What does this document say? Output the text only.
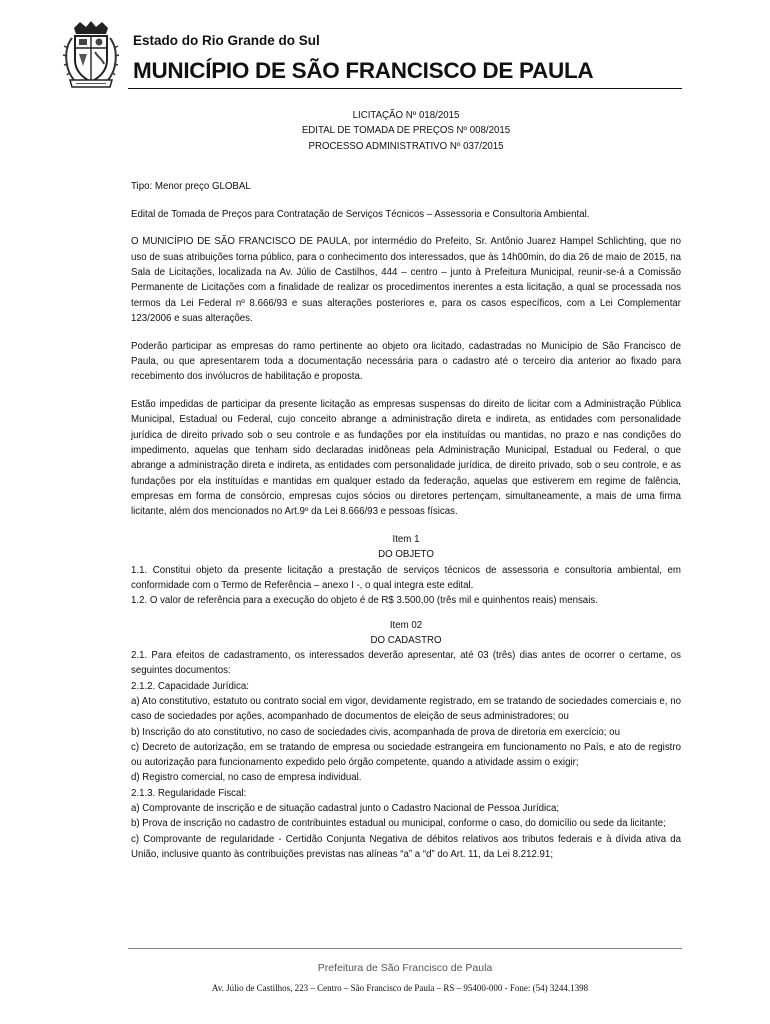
Estado do Rio Grande do Sul
MUNICÍPIO DE SÃO FRANCISCO DE PAULA

LICITAÇÃO Nº 018/2015

EDITAL DE TOMADA DE PREÇOS Nº 008/2015

PROCESSO ADMINISTRATIVO Nº 037/2015

Tipo: Menor preço GLOBAL

Edital de Tomada de Preços para Contratação de Serviços Técnicos – Assessoria e Consultoria Ambiental.

O MUNICÍPIO DE SÃO FRANCISCO DE PAULA, por intermédio do Prefeito, Sr. Antônio Juarez Hampel Schlichting, que no uso de suas atribuições torna público, para o conhecimento dos interessados, que às 14h00min, do dia 26 de maio de 2015, na Sala de Licitações, localizada na Av. Júlio de Castilhos, 444 – centro – junto à Prefeitura Municipal, reunir-se-á a Comissão Permanente de Licitações com a finalidade de realizar os procedimentos inerentes a esta licitação, a qual se processada nos termos da Lei Federal nº 8.666/93 e suas alterações posteriores e, para os casos específicos, com a Lei Complementar 123/2006 e suas alterações.

Poderão participar as empresas do ramo pertinente ao objeto ora licitado, cadastradas no Município de São Francisco de Paula, ou que apresentarem toda a documentação necessária para o cadastro até o terceiro dia anterior ao fixado para recebimento dos invólucros de habilitação e proposta.

Estão impedidas de participar da presente licitação as empresas suspensas do direito de licitar com a Administração Pública Municipal, Estadual ou Federal, cujo conceito abrange a administração direta e indireta, as entidades com personalidade jurídica de direito privado sob o seu controle e as fundações por ela instituídas ou mantidas, no prazo e nas condições do impedimento, aquelas que tenham sido declaradas inidôneas pela Administração Municipal, Estadual ou Federal, o que abrange a administração direta e indireta, as entidades com personalidade jurídica, de direito privado, sob o seu controle, e as fundações por ela instituídas e mantidas em qualquer estado da federação, aquelas que estiverem em regime de falência, empresas em forma de consórcio, empresas cujos sócios ou diretores pertençam, simultaneamente, a mais de uma firma licitante, além dos mencionados no Art.9º da Lei 8.666/93 e pessoas físicas.

Item 1

DO OBJETO

1.1. Constitui objeto da presente licitação a prestação de serviços técnicos de assessoria e consultoria ambiental, em conformidade com o Termo de Referência – anexo I -, o qual integra este edital.

1.2. O valor de referência para a execução do objeto é de R$ 3.500,00 (três mil e quinhentos reais) mensais.

Item 02

DO CADASTRO

2.1. Para efeitos de cadastramento, os interessados deverão apresentar, até 03 (três) dias antes de ocorrer o certame, os seguintes documentos:

2.1.2. Capacidade Jurídica:

a) Ato constitutivo, estatuto ou contrato social em vigor, devidamente registrado, em se tratando de sociedades comerciais e, no caso de sociedades por ações, acompanhado de documentos de eleição de seus administradores; ou

b) Inscrição do ato constitutivo, no caso de sociedades civis, acompanhada de prova de diretoria em exercício; ou

c) Decreto de autorização, em se tratando de empresa ou sociedade estrangeira em funcionamento no País, e ato de registro ou autorização para funcionamento expedido pelo órgão competente, quando a atividade assim o exigir;

d) Registro comercial, no caso de empresa individual.

2.1.3. Regularidade Fiscal:

a) Comprovante de inscrição e de situação cadastral junto o Cadastro Nacional de Pessoa Jurídica;

b) Prova de inscrição no cadastro de contribuintes estadual ou municipal, conforme o caso, do domicílio ou sede da licitante;

c) Comprovante de regularidade - Certidão Conjunta Negativa de débitos relativos aos tributos federais e à dívida ativa da União, inclusive quanto às contribuições previstas nas alíneas “a” a “d” do Art. 11, da Lei 8.212.91;

Prefeitura de São Francisco de Paula
Av. Júlio de Castilhos, 223 – Centro – São Francisco de Paula – RS – 95400-000 - Fone: (54) 3244.1398
